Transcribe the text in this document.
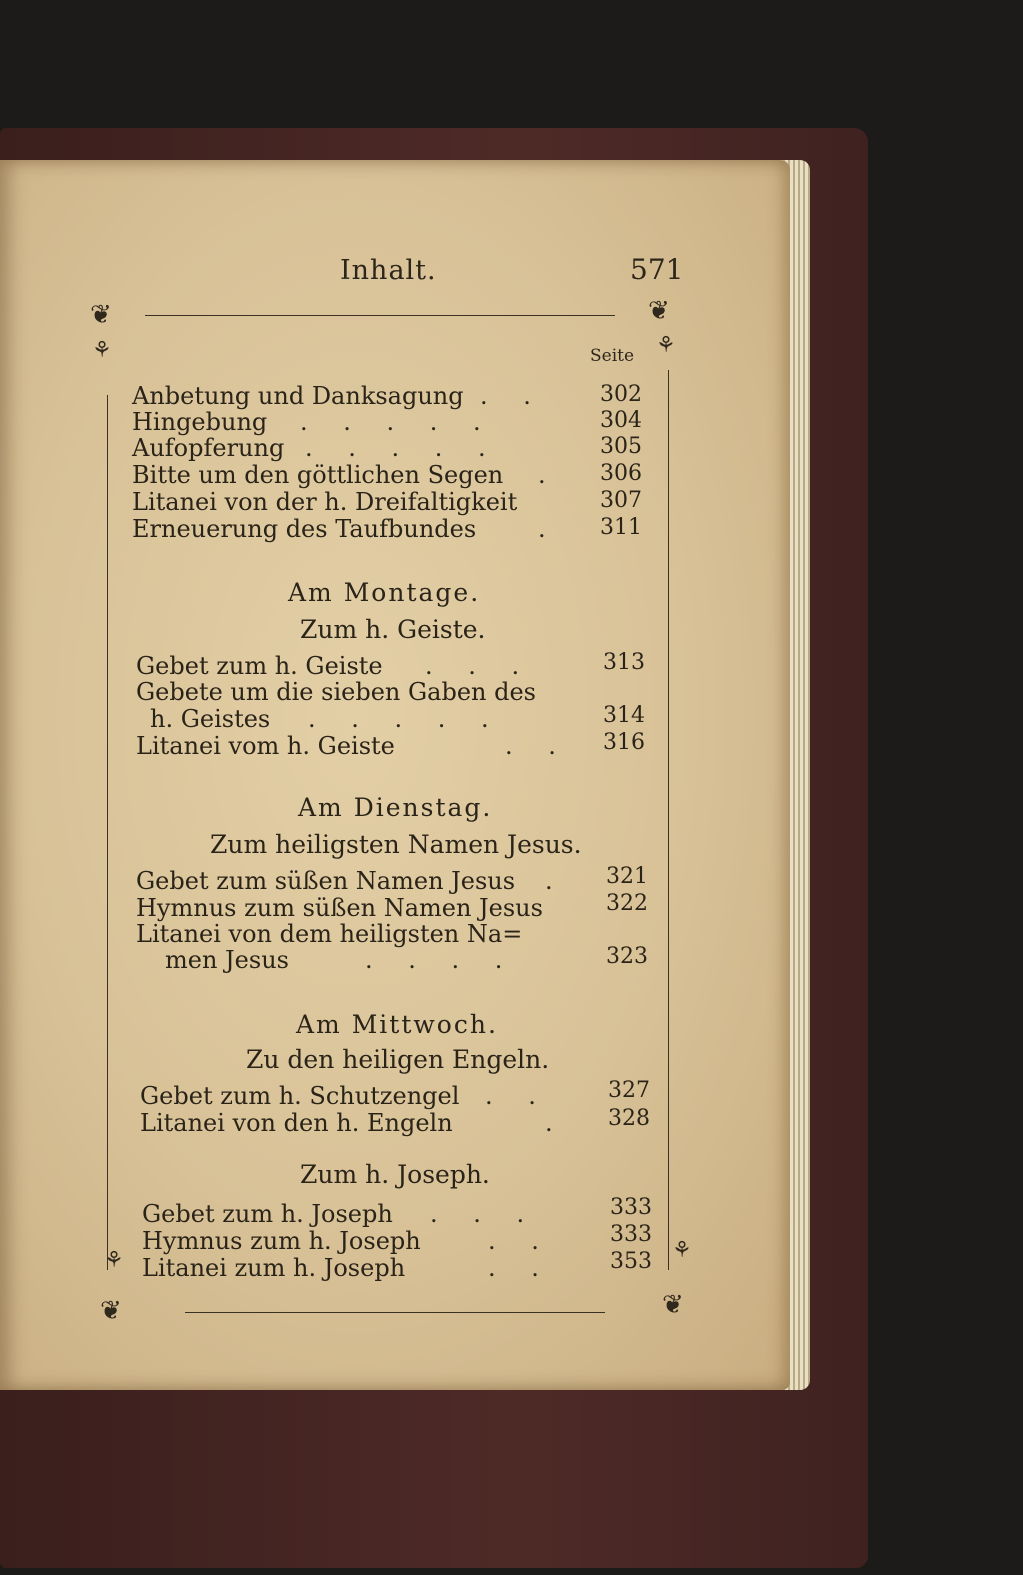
Inhalt.	571
❦
⚘
❦
⚘
❦
⚘
❦
⚘
Seite
Anbetung und Danksagung . .	302
Hingebung . . . . .	304
Aufopferung . . . . .	305
Bitte um den göttlichen Segen . 306
Litanei von der h. Dreifaltigkeit	307
Erneuerung des Taufbundes	. 311
Am Montage.
Zum h. Geiste.
Gebet zum h. Geiste . . .	313
Gebete um die sieben Gaben des
h. Geistes . . . . .	314
Litanei vom h. Geiste	. . 316
Am Dienstag.
Zum heiligsten Namen Jesus.
Gebet zum süßen Namen Jesus . 321
Hymnus zum süßen Namen Jesus	322
Litanei von dem heiligsten Na=
men Jesus	. . . .	323
Am Mittwoch.
Zu den heiligen Engeln.
Gebet zum h. Schutzengel . .	327
Litanei von den h. Engeln	. 328
Zum h. Joseph.
Gebet zum h. Joseph . . .	333
Hymnus zum h. Joseph	. .	333
Litanei zum h. Joseph	. .	353
